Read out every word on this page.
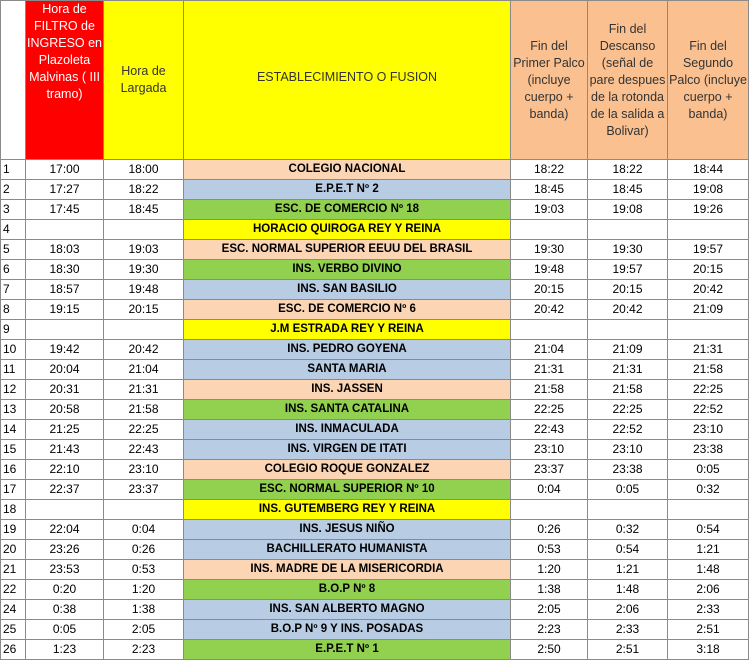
	Hora de FILTRO de INGRESO en Plazoleta Malvinas ( III tramo)	Hora de Largada	ESTABLECIMIENTO O FUSION	Fin del Primer Palco (incluye cuerpo + banda)	Fin del Descanso (señal de pare despues de la rotonda de la salida a Bolivar)	Fin del Segundo Palco (incluye cuerpo + banda)
1	17:00	18:00	COLEGIO NACIONAL	18:22	18:22	18:44
2	17:27	18:22	E.P.E.T Nº 2	18:45	18:45	19:08
3	17:45	18:45	ESC. DE COMERCIO Nº 18	19:03	19:08	19:26
4			HORACIO QUIROGA REY Y REINA			
5	18:03	19:03	ESC. NORMAL SUPERIOR EEUU DEL BRASIL	19:30	19:30	19:57
6	18:30	19:30	INS. VERBO DIVINO	19:48	19:57	20:15
7	18:57	19:48	INS. SAN BASILIO	20:15	20:15	20:42
8	19:15	20:15	ESC. DE COMERCIO Nº 6	20:42	20:42	21:09
9			J.M ESTRADA REY Y REINA			
10	19:42	20:42	INS. PEDRO GOYENA	21:04	21:09	21:31
11	20:04	21:04	SANTA MARIA	21:31	21:31	21:58
12	20:31	21:31	INS. JASSEN	21:58	21:58	22:25
13	20:58	21:58	INS. SANTA CATALINA	22:25	22:25	22:52
14	21:25	22:25	INS. INMACULADA	22:43	22:52	23:10
15	21:43	22:43	INS. VIRGEN DE ITATI	23:10	23:10	23:38
16	22:10	23:10	COLEGIO ROQUE GONZALEZ	23:37	23:38	0:05
17	22:37	23:37	ESC. NORMAL SUPERIOR Nº 10	0:04	0:05	0:32
18			INS. GUTEMBERG REY Y REINA			
19	22:04	0:04	INS. JESUS NIÑO	0:26	0:32	0:54
20	23:26	0:26	BACHILLERATO HUMANISTA	0:53	0:54	1:21
21	23:53	0:53	INS. MADRE DE LA MISERICORDIA	1:20	1:21	1:48
22	0:20	1:20	B.O.P Nº 8	1:38	1:48	2:06
24	0:38	1:38	INS. SAN ALBERTO MAGNO	2:05	2:06	2:33
25	0:05	2:05	B.O.P Nº 9 Y INS. POSADAS	2:23	2:33	2:51
26	1:23	2:23	E.P.E.T Nº 1	2:50	2:51	3:18
